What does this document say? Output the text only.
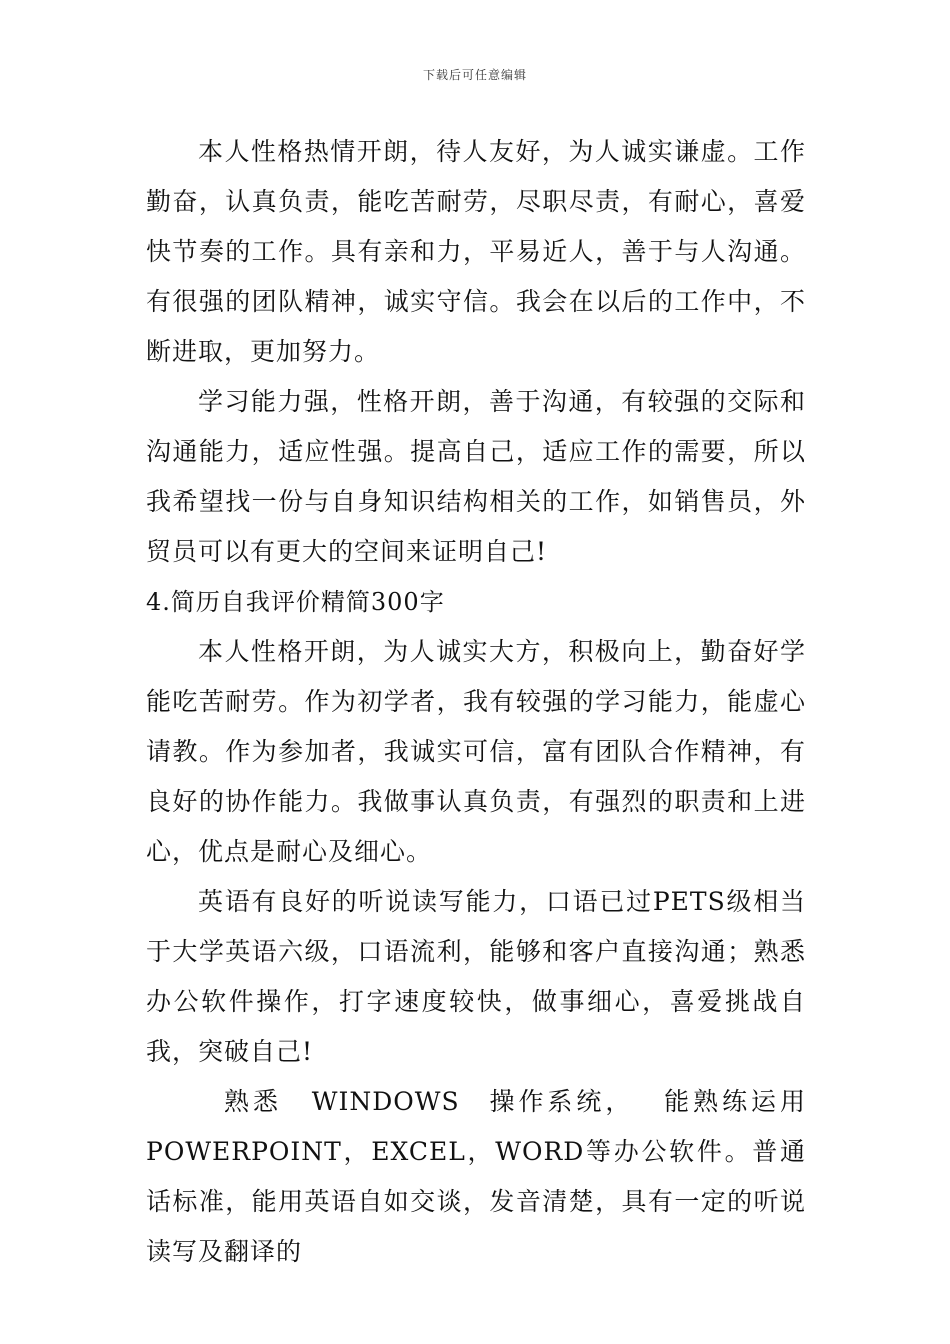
下载后可任意编辑

本人性格热情开朗，待人友好，为人诚实谦虚。工作勤奋，认真负责，能吃苦耐劳，尽职尽责，有耐心，喜爱快节奏的工作。具有亲和力，平易近人，善于与人沟通。有很强的团队精神，诚实守信。我会在以后的工作中，不断进取，更加努力。

学习能力强，性格开朗，善于沟通，有较强的交际和沟通能力，适应性强。提高自己，适应工作的需要，所以我希望找一份与自身知识结构相关的工作，如销售员，外贸员可以有更大的空间来证明自己!

4.简历自我评价精简300字

本人性格开朗，为人诚实大方，积极向上，勤奋好学能吃苦耐劳。作为初学者，我有较强的学习能力，能虚心请教。作为参加者，我诚实可信，富有团队合作精神，有良好的协作能力。我做事认真负责，有强烈的职责和上进心，优点是耐心及细心。

英语有良好的听说读写能力，口语已过PETS级相当于大学英语六级，口语流利，能够和客户直接沟通；熟悉办公软件操作，打字速度较快，做事细心，喜爱挑战自我，突破自己!

熟悉 WINDOWS 操作系统， 能熟练运用POWERPOINT，EXCEL，WORD等办公软件。普通话标准，能用英语自如交谈，发音清楚，具有一定的听说读写及翻译的
